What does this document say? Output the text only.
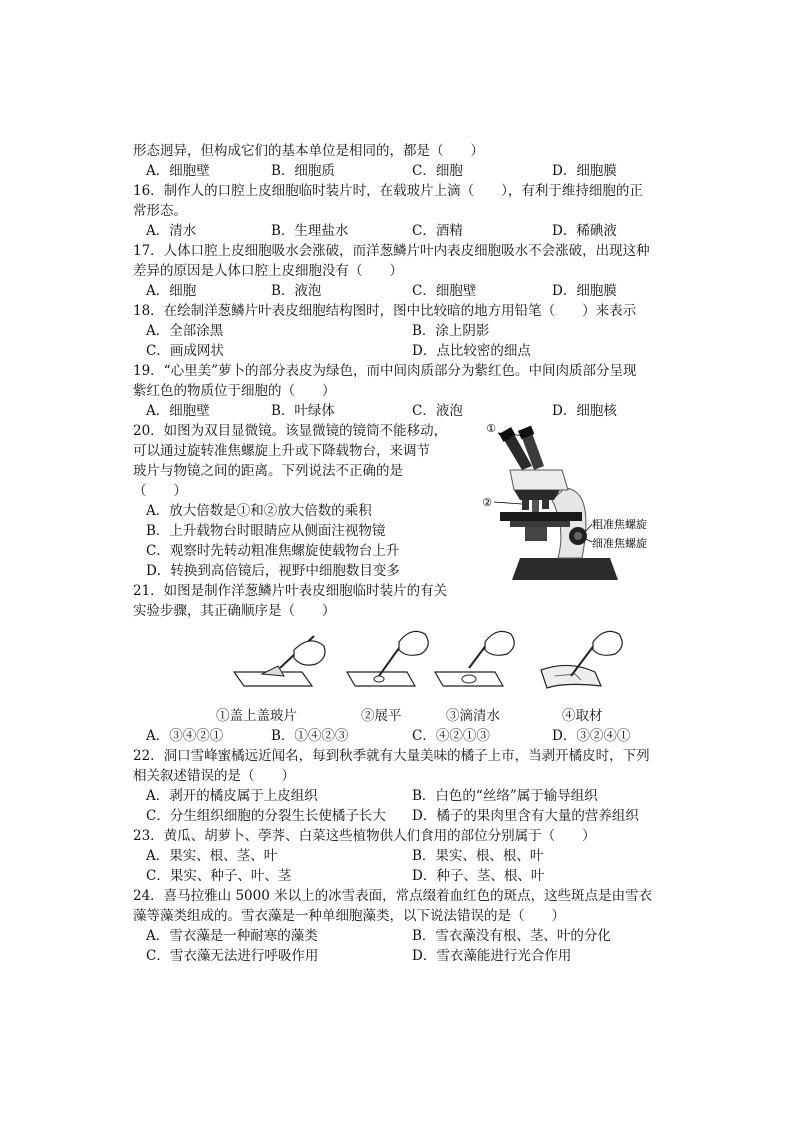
形态迥异，但构成它们的基本单位是相同的，都是（　　）
A．细胞壁	B．细胞质	C．细胞	D．细胞膜
16．制作人的口腔上皮细胞临时装片时，在载玻片上滴（　　），有利于维持细胞的正
常形态。
A．清水	B．生理盐水	C．酒精	D．稀碘液
17．人体口腔上皮细胞吸水会涨破，而洋葱鳞片叶内表皮细胞吸水不会涨破，出现这种
差异的原因是人体口腔上皮细胞没有（　　）
A．细胞	B．液泡	C．细胞壁	D．细胞膜
18．在绘制洋葱鳞片叶表皮细胞结构图时，图中比较暗的地方用铅笔（　　）来表示
A．全部涂黑	B．涂上阴影
C．画成网状	D．点比较密的细点
19．“心里美”萝卜的部分表皮为绿色，而中间肉质部分为紫红色。中间肉质部分呈现
紫红色的物质位于细胞的（　　）
A．细胞壁	B．叶绿体	C．液泡	D．细胞核
20．如图为双目显微镜。该显微镜的镜筒不能移动，
可以通过旋转准焦螺旋上升或下降载物台，来调节
玻片与物镜之间的距离。下列说法不正确的是
（　　）
A．放大倍数是①和②放大倍数的乘积
B．上升载物台时眼睛应从侧面注视物镜
C．观察时先转动粗准焦螺旋使载物台上升
D．转换到高倍镜后，视野中细胞数目变多
①
②
粗准焦螺旋
细准焦螺旋
21．如图是制作洋葱鳞片叶表皮细胞临时装片的有关
实验步骤，其正确顺序是（　　）
①盖上盖玻片	②展平	③滴清水	④取材
A．③④②①	B．①④②③	C．④②①③	D．③②④①
22．洞口雪峰蜜橘远近闻名，每到秋季就有大量美味的橘子上市，当剥开橘皮时，下列
相关叙述错误的是（　　）
A．剥开的橘皮属于上皮组织	B．白色的“丝络”属于输导组织
C．分生组织细胞的分裂生长使橘子长大 D．橘子的果肉里含有大量的营养组织
23．黄瓜、胡萝卜、荸荠、白菜这些植物供人们食用的部位分别属于（　　）
A．果实、根、茎、叶	B．果实、根、根、叶
C．果实、种子、叶、茎	D．种子、茎、根、叶
24．喜马拉雅山 5000 米以上的冰雪表面，常点缀着血红色的斑点，这些斑点是由雪衣
藻等藻类组成的。雪衣藻是一种单细胞藻类，以下说法错误的是（　　）
A．雪衣藻是一种耐寒的藻类	B．雪衣藻没有根、茎、叶的分化
C．雪衣藻无法进行呼吸作用	D．雪衣藻能进行光合作用
